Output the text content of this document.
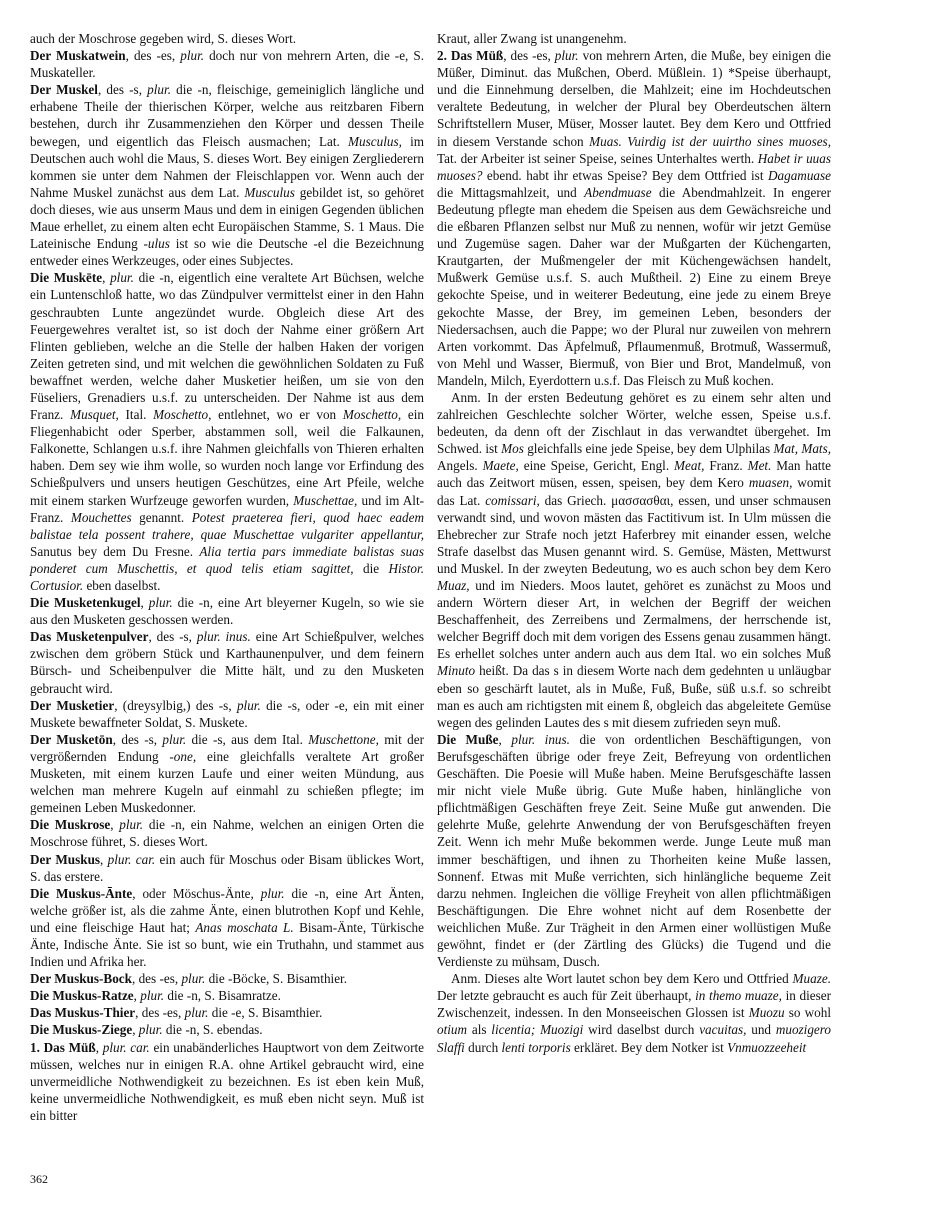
auch der Moschrose gegeben wird, S. dieses Wort.

Der Muskatwein, des -es, plur. doch nur von mehrern Arten, die -e, S. Muskateller.

Der Muskel, des -s, plur. die -n, fleischige, gemeiniglich längliche und erhabene Theile der thierischen Körper, welche aus reitzbaren Fibern bestehen, durch ihr Zusammenziehen den Körper und dessen Theile bewegen, und eigentlich das Fleisch ausmachen; Lat. Musculus, im Deutschen auch wohl die Maus, S. dieses Wort. Bey einigen Zergliederern kommen sie unter dem Nahmen der Fleischlappen vor. Wenn auch der Nahme Muskel zunächst aus dem Lat. Musculus gebildet ist, so gehöret doch dieses, wie aus unserm Maus und dem in einigen Gegenden üblichen Maue erhellet, zu einem alten echt Europäischen Stamme, S. 1 Maus. Die Lateinische Endung -ulus ist so wie die Deutsche -el die Bezeichnung entweder eines Werkzeuges, oder eines Subjectes.

Die Muskēte, plur. die -n, eigentlich eine veraltete Art Büchsen, welche ein Luntenschloß hatte, wo das Zündpulver vermittelst einer in den Hahn geschraubten Lunte angezündet wurde. Obgleich diese Art des Feuergewehres veraltet ist, so ist doch der Nahme einer größern Art Flinten geblieben, welche an die Stelle der halben Haken der vorigen Zeiten getreten sind, und mit welchen die gewöhnlichen Soldaten zu Fuß bewaffnet werden, welche daher Musketier heißen, um sie von den Füseliers, Grenadiers u.s.f. zu unterscheiden. Der Nahme ist aus dem Franz. Musquet, Ital. Moschetto, entlehnet, wo er von Moschetto, ein Fliegenhabicht oder Sperber, abstammen soll, weil die Falkaunen, Falkonette, Schlangen u.s.f. ihre Nahmen gleichfalls von Thieren erhalten haben. Dem sey wie ihm wolle, so wurden noch lange vor Erfindung des Schießpulvers und unsers heutigen Geschützes, eine Art Pfeile, welche mit einem starken Wurfzeuge geworfen wurden, Muschettae, und im Alt-Franz. Mouchettes genannt. Potest praeterea fieri, quod haec eadem balistae tela possent trahere, quae Muschettae vulgariter appellantur, Sanutus bey dem Du Fresne. Alia tertia pars immediate balistas suas ponderet cum Muschettis, et quod telis etiam sagittet, die Histor. Cortusior. eben daselbst.

Die Musketenkugel, plur. die -n, eine Art bleyerner Kugeln, so wie sie aus den Musketen geschossen werden.

Das Musketenpulver, des -s, plur. inus. eine Art Schießpulver, welches zwischen dem gröbern Stück und Karthaunenpulver, und dem feinern Bürsch- und Scheibenpulver die Mitte hält, und zu den Musketen gebraucht wird.

Der Musketier, (dreysylbig,) des -s, plur. die -s, oder -e, ein mit einer Muskete bewaffneter Soldat, S. Muskete.

Der Musketōn, des -s, plur. die -s, aus dem Ital. Muschettone, mit der vergrößernden Endung -one, eine gleichfalls veraltete Art großer Musketen, mit einem kurzen Laufe und einer weiten Mündung, aus welchen man mehrere Kugeln auf einmahl zu schießen pflegte; im gemeinen Leben Muskedonner.

Die Muskrose, plur. die -n, ein Nahme, welchen an einigen Orten die Moschrose führet, S. dieses Wort.

Der Muskus, plur. car. ein auch für Moschus oder Bisam üblickes Wort, S. das erstere.

Die Muskus-Ānte, oder Möschus-Änte, plur. die -n, eine Art Änten, welche größer ist, als die zahme Änte, einen blutrothen Kopf und Kehle, und eine fleischige Haut hat; Anas moschata L. Bisam-Änte, Türkische Änte, Indische Änte. Sie ist so bunt, wie ein Truthahn, und stammet aus Indien und Afrika her.

Der Muskus-Bock, des -es, plur. die -Böcke, S. Bisamthier.

Die Muskus-Ratze, plur. die -n, S. Bisamratze.

Das Muskus-Thier, des -es, plur. die -e, S. Bisamthier.

Die Muskus-Ziege, plur. die -n, S. ebendas.

1. Das Müß, plur. car. ein unabänderliches Hauptwort von dem Zeitworte müssen, welches nur in einigen R.A. ohne Artikel gebraucht wird, eine unvermeidliche Nothwendigkeit zu bezeichnen. Es ist eben kein Muß, keine unvermeidliche Nothwendigkeit, es muß eben nicht seyn. Muß ist ein bitter

Kraut, aller Zwang ist unangenehm.

2. Das Müß, des -es, plur. von mehrern Arten, die Muße, bey einigen die Müßer, Diminut. das Mußchen, Oberd. Müßlein. 1) *Speise überhaupt, und die Einnehmung derselben, die Mahlzeit; eine im Hochdeutschen veraltete Bedeutung, in welcher der Plural bey Oberdeutschen ältern Schriftstellern Muser, Müser, Mosser lautet. Bey dem Kero und Ottfried in diesem Verstande schon Muas. Vuirdig ist der uuirtho sines muoses, Tat. der Arbeiter ist seiner Speise, seines Unterhaltes werth. Habet ir uuas muoses? ebend. habt ihr etwas Speise? Bey dem Ottfried ist Dagamuase die Mittagsmahlzeit, und Abendmuase die Abendmahlzeit. In engerer Bedeutung pflegte man ehedem die Speisen aus dem Gewächsreiche und die eßbaren Pflanzen selbst nur Muß zu nennen, wofür wir jetzt Gemüse und Zugemüse sagen. Daher war der Mußgarten der Küchengarten, Krautgarten, der Mußmengeler der mit Küchengewächsen handelt, Mußwerk Gemüse u.s.f. S. auch Mußtheil. 2) Eine zu einem Breye gekochte Speise, und in weiterer Bedeutung, eine jede zu einem Breye gekochte Masse, der Brey, im gemeinen Leben, besonders der Niedersachsen, auch die Pappe; wo der Plural nur zuweilen von mehrern Arten vorkommt. Das Äpfelmuß, Pflaumenmuß, Brotmuß, Wassermuß, von Mehl und Wasser, Biermuß, von Bier und Brot, Mandelmuß, von Mandeln, Milch, Eyerdottern u.s.f. Das Fleisch zu Muß kochen.

Anm. In der ersten Bedeutung gehöret es zu einem sehr alten und zahlreichen Geschlechte solcher Wörter, welche essen, Speise u.s.f. bedeuten, da denn oft der Zischlaut in das verwandtet übergehet. Im Schwed. ist Mos gleichfalls eine jede Speise, bey dem Ulphilas Mat, Mats, Angels. Maete, eine Speise, Gericht, Engl. Meat, Franz. Met. Man hatte auch das Zeitwort müsen, essen, speisen, bey dem Kero muasen, womit das Lat. comissari, das Griech. μασσασθαι, essen, und unser schmausen verwandt sind, und wovon mästen das Factitivum ist. In Ulm müssen die Ehebrecher zur Strafe noch jetzt Haferbrey mit einander essen, welche Strafe daselbst das Musen genannt wird. S. Gemüse, Mästen, Mettwurst und Muskel. In der zweyten Bedeutung, wo es auch schon bey dem Kero Muaz, und im Nieders. Moos lautet, gehöret es zunächst zu Moos und andern Wörtern dieser Art, in welchen der Begriff der weichen Beschaffenheit, des Zerreibens und Zermalmens, der herrschende ist, welcher Begriff doch mit dem vorigen des Essens genau zusammen hängt. Es erhellet solches unter andern auch aus dem Ital. wo ein solches Muß Minuto heißt. Da das s in diesem Worte nach dem gedehnten u unläugbar eben so geschärft lautet, als in Muße, Fuß, Buße, süß u.s.f. so schreibt man es auch am richtigsten mit einem ß, obgleich das abgeleitete Gemüse wegen des gelinden Lautes des s mit diesem zufrieden seyn muß.

Die Muße, plur. inus. die von ordentlichen Beschäftigungen, von Berufsgeschäften übrige oder freye Zeit, Befreyung von ordentlichen Geschäften. Die Poesie will Muße haben. Meine Berufsgeschäfte lassen mir nicht viele Muße übrig. Gute Muße haben, hinlängliche von pflichtmäßigen Geschäften freye Zeit. Seine Muße gut anwenden. Die gelehrte Muße, gelehrte Anwendung der von Berufsgeschäften freyen Zeit. Wenn ich mehr Muße bekommen werde. Junge Leute muß man immer beschäftigen, und ihnen zu Thorheiten keine Muße lassen, Sonnenf. Etwas mit Muße verrichten, sich hinlängliche bequeme Zeit darzu nehmen. Ingleichen die völlige Freyheit von allen pflichtmäßigen Beschäftigungen. Die Ehre wohnet nicht auf dem Rosenbette der weichlichen Muße. Zur Trägheit in den Armen einer wollüstigen Muße gewöhnt, findet er (der Zärtling des Glücks) die Tugend und die Verdienste zu mühsam, Dusch.

Anm. Dieses alte Wort lautet schon bey dem Kero und Ottfried Muaze. Der letzte gebraucht es auch für Zeit überhaupt, in themo muaze, in dieser Zwischenzeit, indessen. In den Monseeischen Glossen ist Muozu so wohl otium als licentia; Muozigi wird daselbst durch vacuitas, und muozigero Slaffi durch lenti torporis erkläret. Bey dem Notker ist Vnmuozzeeheit

362
